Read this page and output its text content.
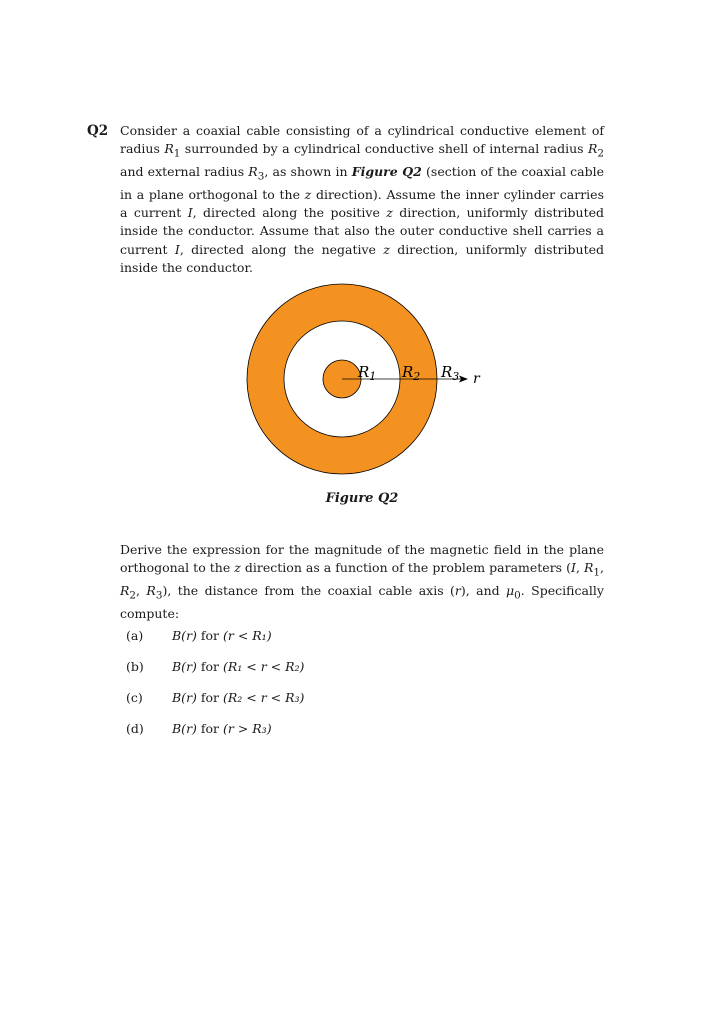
Q2 Consider a coaxial cable consisting of a cylindrical conductive element of radius $R_1$ surrounded by a cylindrical conductive shell of internal radius $R_2$ and external radius $R_3$, as shown in Figure Q2 (section of the coaxial cable in a plane orthogonal to the z direction). Assume the inner cylinder carries a current I, directed along the positive z direction, uniformly distributed inside the conductor. Assume that also the outer conductive shell carries a current I, directed along the negative z direction, uniformly distributed inside the conductor.
$R_1$ $R_2$ $R_3$ r
Figure Q2
Derive the expression for the magnitude of the magnetic field in the plane orthogonal to the z direction as a function of the problem parameters (I, $R_1$, $R_2$, $R_3$), the distance from the coaxial cable axis (r), and $\mu_0$. Specifically compute:
(a) B(r) for (r < R₁)
(b) B(r) for (R₁ < r < R₂)
(c) B(r) for (R₂ < r < R₃)
(d) B(r) for (r > R₃)
